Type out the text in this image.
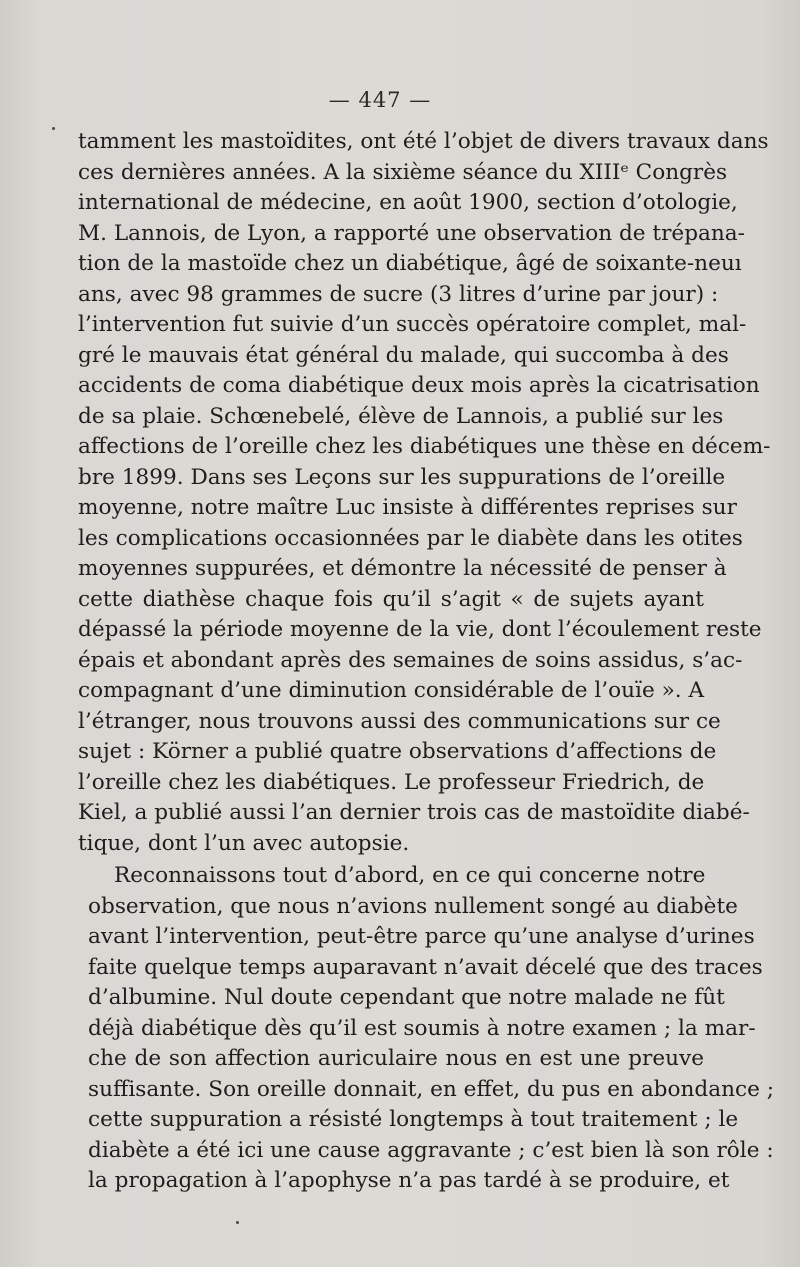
— 447 —
tamment les mastoïdites, ont été l’objet de divers travaux dans
ces dernières années. A la sixième séance du XIIIᵉ Congrès
international de médecine, en août 1900, section d’otologie,
M. Lannois, de Lyon, a rapporté une observation de trépana-
tion de la mastoïde chez un diabétique, âgé de soixante-neuı
ans, avec 98 grammes de sucre (3 litres d’urine par jour) :
l’intervention fut suivie d’un succès opératoire complet, mal-
gré le mauvais état général du malade, qui succomba à des
accidents de coma diabétique deux mois après la cicatrisation
de sa plaie. Schœnebelé, élève de Lannois, a publié sur les
affections de l’oreille chez les diabétiques une thèse en décem-
bre 1899. Dans ses Leçons sur les suppurations de l’oreille
moyenne, notre maître Luc insiste à différentes reprises sur
les complications occasionnées par le diabète dans les otites
moyennes suppurées, et démontre la nécessité de penser à
cette diathèse chaque fois qu’il s’agit « de sujets ayant
dépassé la période moyenne de la vie, dont l’écoulement reste
épais et abondant après des semaines de soins assidus, s’ac-
compagnant d’une diminution considérable de l’ouïe ». A
l’étranger, nous trouvons aussi des communications sur ce
sujet : Körner a publié quatre observations d’affections de
l’oreille chez les diabétiques. Le professeur Friedrich, de
Kiel, a publié aussi l’an dernier trois cas de mastoïdite diabé-
tique, dont l’un avec autopsie.
Reconnaissons tout d’abord, en ce qui concerne notre
observation, que nous n’avions nullement songé au diabète
avant l’intervention, peut-être parce qu’une analyse d’urines
faite quelque temps auparavant n’avait décelé que des traces
d’albumine. Nul doute cependant que notre malade ne fût
déjà diabétique dès qu’il est soumis à notre examen ; la mar-
che de son affection auriculaire nous en est une preuve
suffisante. Son oreille donnait, en effet, du pus en abondance ;
cette suppuration a résisté longtemps à tout traitement ; le
diabète a été ici une cause aggravante ; c’est bien là son rôle :
la propagation à l’apophyse n’a pas tardé à se produire, et
